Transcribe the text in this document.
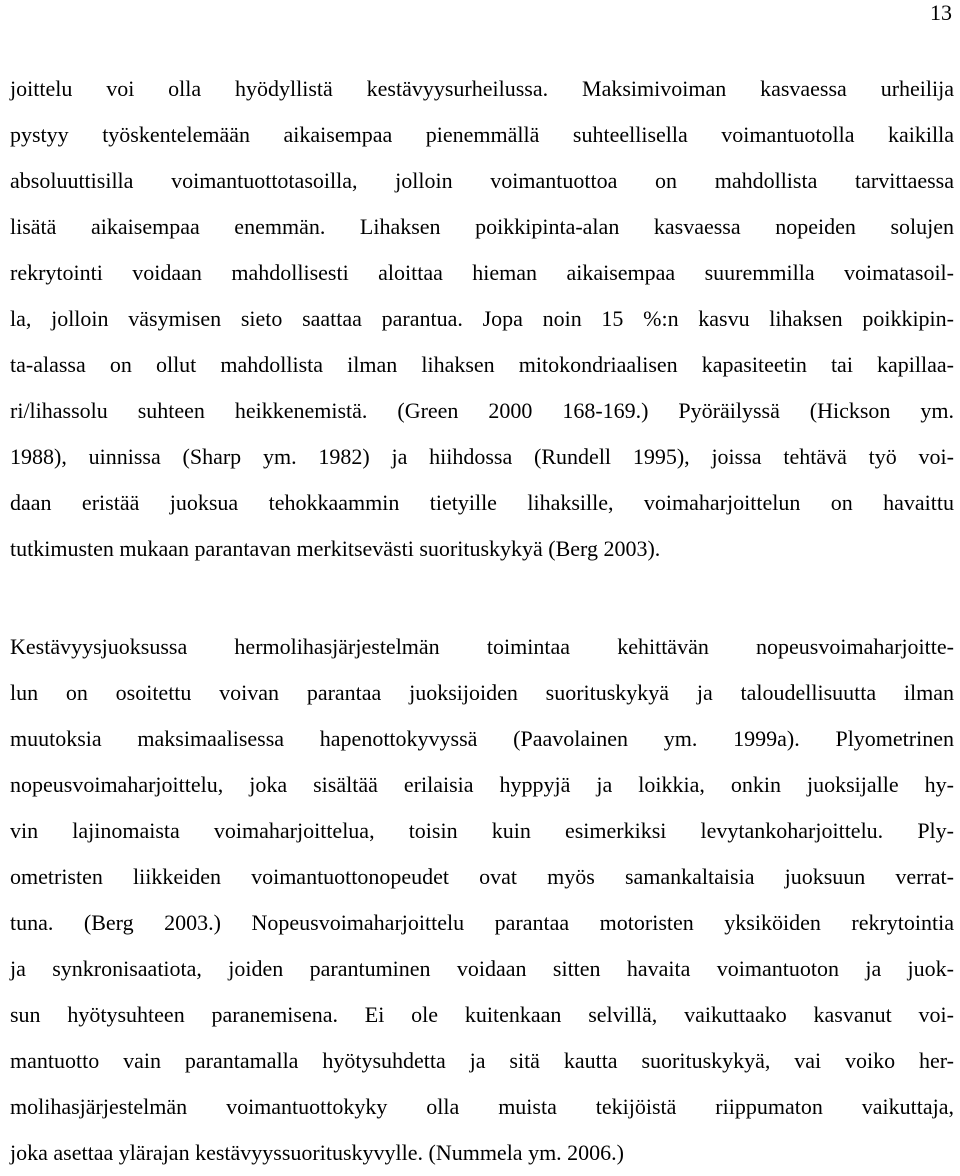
13
joittelu voi olla hyödyllistä kestävyysurheilussa. Maksimivoiman kasvaessa urheilija
pystyy työskentelemään aikaisempaa pienemmällä suhteellisella voimantuotolla kaikilla
absoluuttisilla voimantuottotasoilla, jolloin voimantuottoa on mahdollista tarvittaessa
lisätä aikaisempaa enemmän. Lihaksen poikkipinta-alan kasvaessa nopeiden solujen
rekrytointi voidaan mahdollisesti aloittaa hieman aikaisempaa suuremmilla voimatasoil-
la, jolloin väsymisen sieto saattaa parantua. Jopa noin 15 %:n kasvu lihaksen poikkipin-
ta-alassa on ollut mahdollista ilman lihaksen mitokondriaalisen kapasiteetin tai kapillaa-
ri/lihassolu suhteen heikkenemistä. (Green 2000 168-169.) Pyöräilyssä (Hickson ym.
1988), uinnissa (Sharp ym. 1982) ja hiihdossa (Rundell 1995), joissa tehtävä työ voi-
daan eristää juoksua tehokkaammin tietyille lihaksille, voimaharjoittelun on havaittu
tutkimusten mukaan parantavan merkitsevästi suorituskykyä (Berg 2003).
Kestävyysjuoksussa hermolihasjärjestelmän toimintaa kehittävän nopeusvoimaharjoitte-
lun on osoitettu voivan parantaa juoksijoiden suorituskykyä ja taloudellisuutta ilman
muutoksia maksimaalisessa hapenottokyvyssä (Paavolainen ym. 1999a). Plyometrinen
nopeusvoimaharjoittelu, joka sisältää erilaisia hyppyjä ja loikkia, onkin juoksijalle hy-
vin lajinomaista voimaharjoittelua, toisin kuin esimerkiksi levytankoharjoittelu. Ply-
ometristen liikkeiden voimantuottonopeudet ovat myös samankaltaisia juoksuun verrat-
tuna. (Berg 2003.) Nopeusvoimaharjoittelu parantaa motoristen yksiköiden rekrytointia
ja synkronisaatiota, joiden parantuminen voidaan sitten havaita voimantuoton ja juok-
sun hyötysuhteen paranemisena. Ei ole kuitenkaan selvillä, vaikuttaako kasvanut voi-
mantuotto vain parantamalla hyötysuhdetta ja sitä kautta suorituskykyä, vai voiko her-
molihasjärjestelmän voimantuottokyky olla muista tekijöistä riippumaton vaikuttaja,
joka asettaa ylärajan kestävyyssuorituskyvylle. (Nummela ym. 2006.)
